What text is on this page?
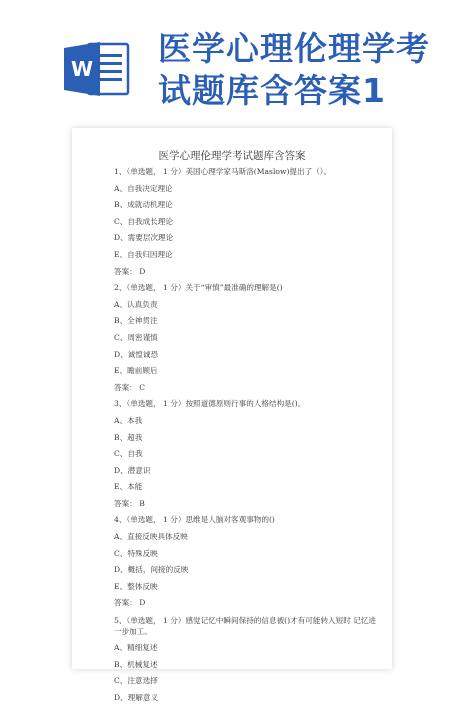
W
医学心理伦理学考试题库含答案1
医学心理伦理学考试题库含答案
1、（单选题， 1 分）美国心理学家马斯洛(Maslow)提出了（）。
A、自我决定理论
B、成就动机理论
C、自我成长理论
D、需要层次理论
E、自我归因理论
答案： D
2、（单选题， 1 分）关于“审慎”最准确的理解是()
A、认真负责
B、全神贯注
C、周密谨慎
D、诚惶诚恐
E、瞻前顾后
答案： C
3、（单选题， 1 分）按照道德原则行事的人格结构是()。
A、本我
B、超我
C、自我
D、潜意识
E、本能
答案： B
4、（单选题， 1 分）思维是人脑对客观事物的()
A、直接反映具体反映
C、特殊反映
D、概括，间接的反映
E、整体反映
答案： D
5、（单选题， 1 分）感觉记忆中瞬间保持的信息被()才有可能转入短时 记忆进一步加工。
A、精细复述
B、机械复述
C、注意选择
D、理解意义
